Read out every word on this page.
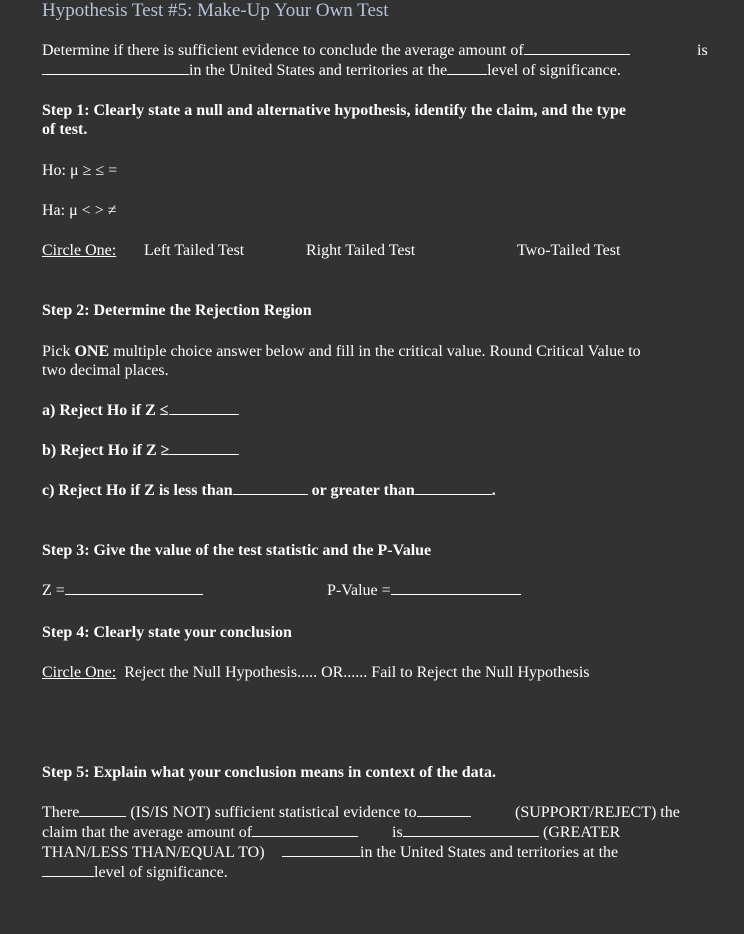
Hypothesis Test #5: Make-Up Your Own Test
Determine if there is sufficient evidence to conclude the average amount of	is
in the United States and territories at the	level of significance.
Step 1: Clearly state a null and alternative hypothesis, identify the claim, and the type
of test.
Ho: μ ≥ ≤ =
Ha: μ < > ≠
Circle One: Left Tailed Test	Right Tailed Test	Two-Tailed Test
Step 2: Determine the Rejection Region
Pick ONE multiple choice answer below and fill in the critical value. Round Critical Value to
two decimal places.
a) Reject Ho if Z ≤
b) Reject Ho if Z ≥
c) Reject Ho if Z is less than	or greater than	.
Step 3: Give the value of the test statistic and the P-Value
Z =	P-Value =
Step 4: Clearly state your conclusion
Circle One: Reject the Null Hypothesis..... OR...... Fail to Reject the Null Hypothesis
Step 5: Explain what your conclusion means in context of the data.
There	(IS/IS NOT) sufficient statistical evidence to	(SUPPORT/REJECT) the
claim that the average amount of	is	(GREATER
THAN/LESS THAN/EQUAL TO)	in the United States and territories at the
level of significance.
